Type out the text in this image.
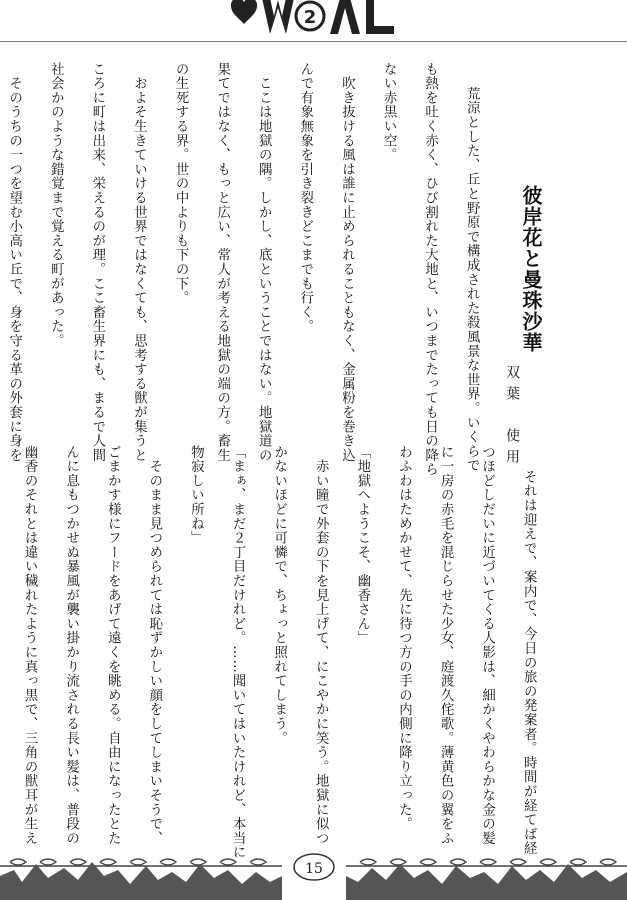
2
彼岸花と曼珠沙華
双葉　使用

　荒涼とした、丘と野原で構成された殺風景な世界。いくらで

も熱を吐く赤く、ひび割れた大地と、いつまでたっても日の降ら

ない赤黒い空。

　吹き抜ける風は誰に止められることもなく、金属粉を巻き込

んで有象無象を引き裂きどこまでも行く。

　ここは地獄の隅。しかし、底ということではない。地獄道の

果てではなく、もっと広い、常人が考える地獄の端の方。畜生

の生死する界。世の中よりも下の下。

　およそ生きていける世界ではなくても、思考する獣が集うと

ころに町は出来、栄えるのが理。ここ畜生界にも、まるで人間

社会かのような錯覚まで覚える町があった。

　そのうちの一つを望む小高い丘で、身を守る革の外套に身を

　それは迎えで、案内で、今日の旅の発案者。時間が経てば経

つほどしだいに近づいてくる人影は、細かくやわらかな金の髪

に一房の赤毛を混じらせた少女、庭渡久侘歌。薄黄色の翼をふ

わふわはためかせて、先に待つ方の手の内側に降り立った。

「地獄へようこそ、幽香さん」

　赤い瞳で外套の下を見上げて、にこやかに笑う。地獄に似つ

かないほどに可憐で、ちょっと照れてしまう。

「まぁ、まだ２丁目だけれど。……聞いてはいたけれど、本当に

物寂しい所ね」

　そのまま見つめられては恥ずかしい顔をしてしまいそうで、

ごまかす様にフードをあげて遠くを眺める。自由になったとた

んに息もつかせぬ暴風が襲い掛かり流される長い髪は、普段の

幽香のそれとは違い穢れたように真っ黒で、三角の獣耳が生え

15
